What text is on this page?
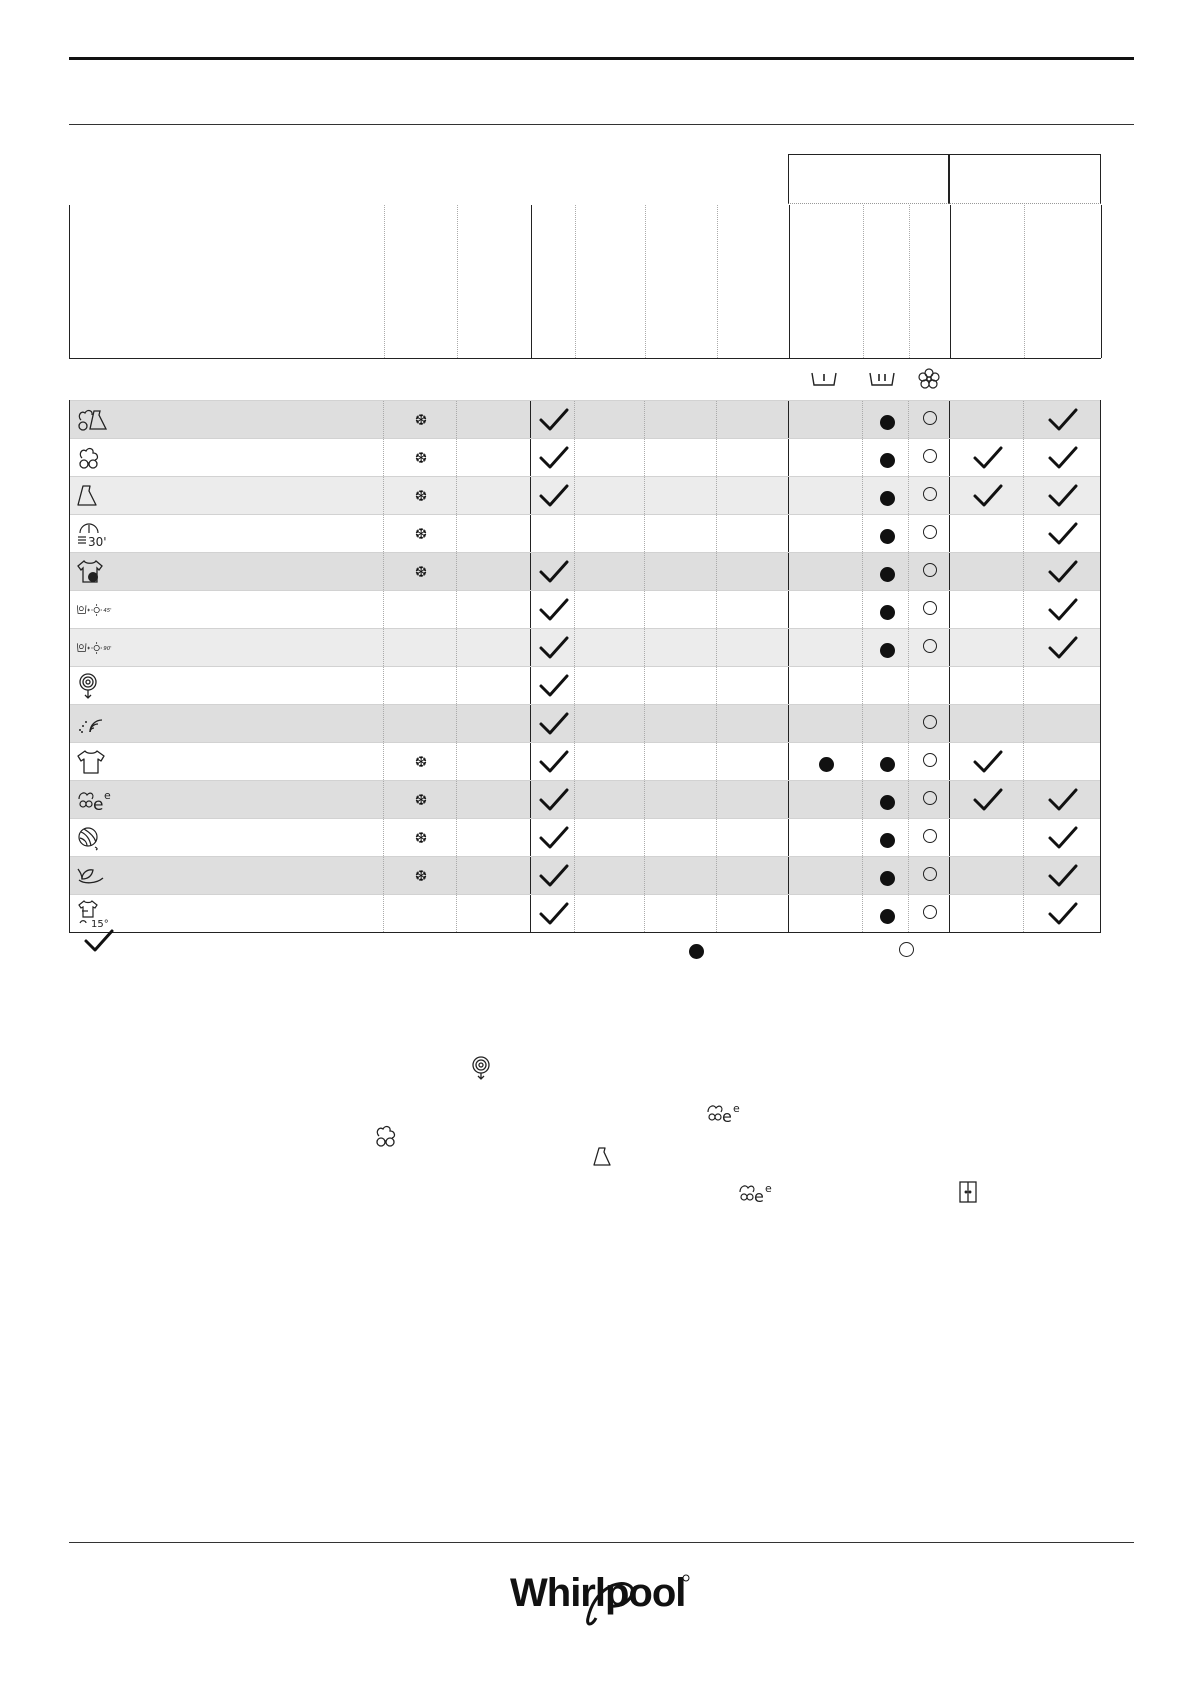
❆
❆
❆
30'	❆
❆
45'
90'
❆
e e	❆
❆
❆
15°
e e
e e
Whirlpool
